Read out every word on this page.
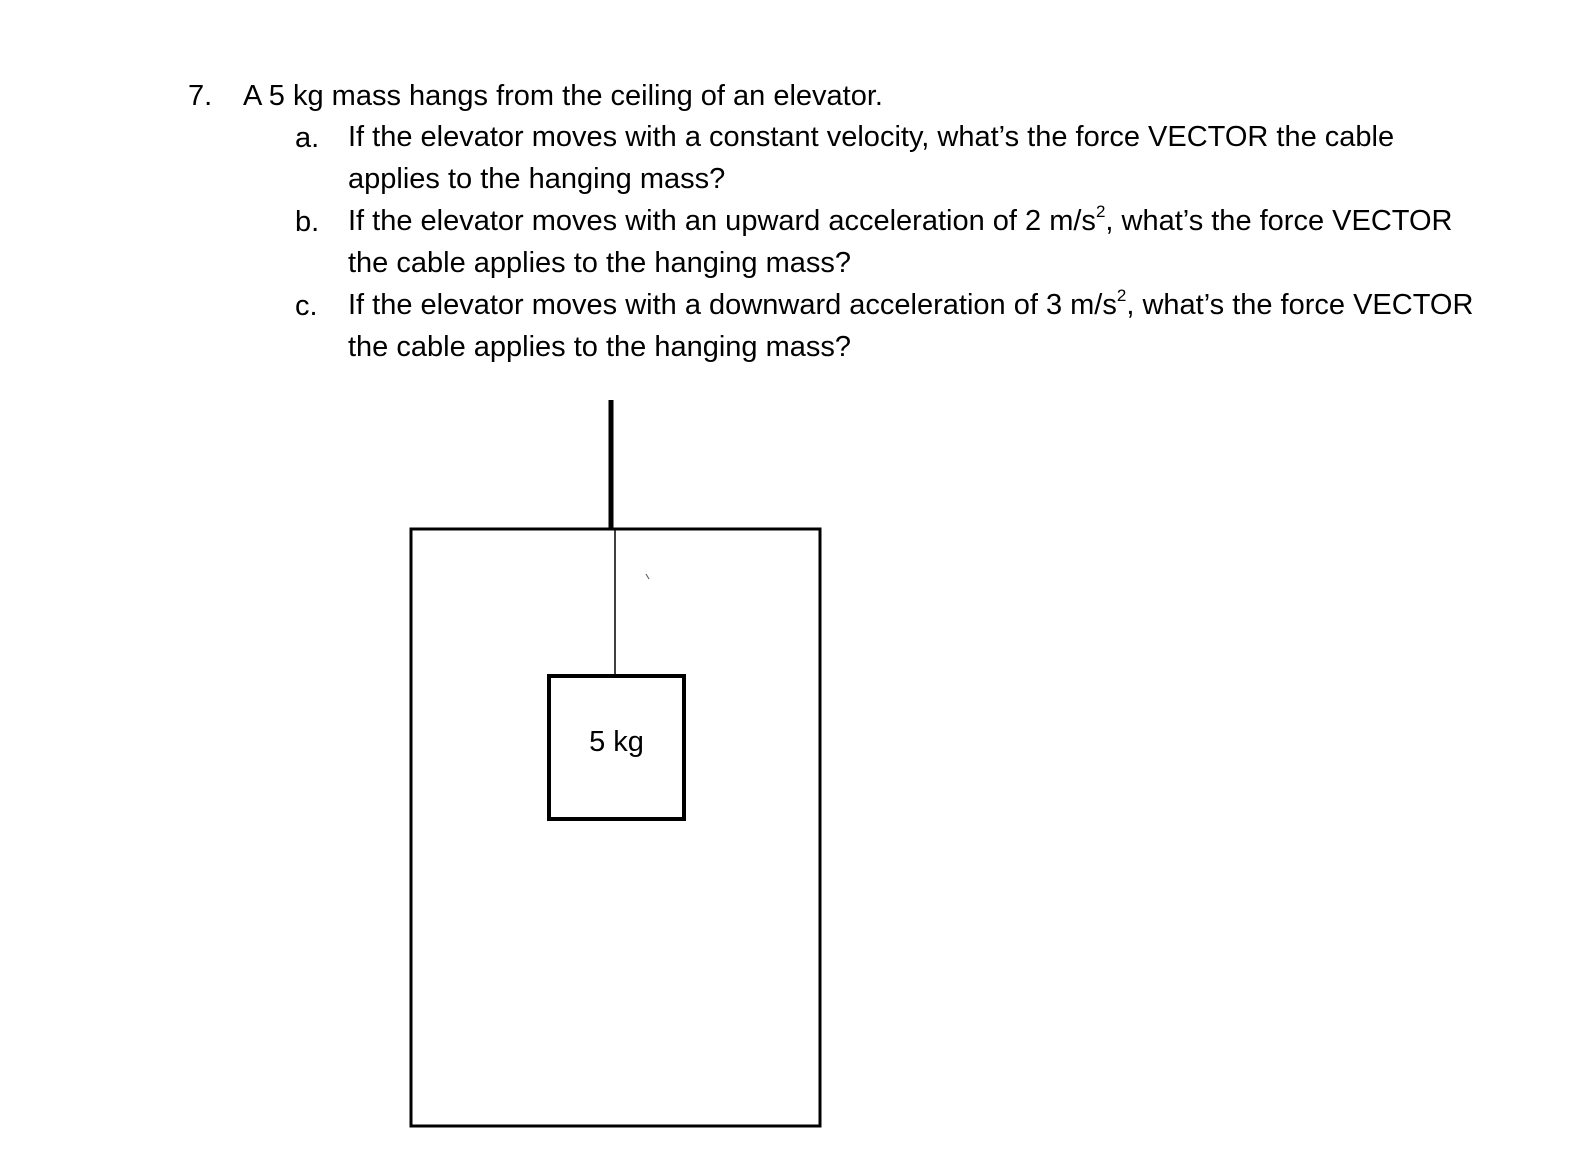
7. A 5 kg mass hangs from the ceiling of an elevator.
a. If the elevator moves with a constant velocity, what’s the force VECTOR the cable
applies to the hanging mass?
b. If the elevator moves with an upward acceleration of 2 $m/s^2$, what’s the force VECTOR
the cable applies to the hanging mass?
c. If the elevator moves with a downward acceleration of 3 $m/s^2$, what’s the force VECTOR
the cable applies to the hanging mass?
5 kg
